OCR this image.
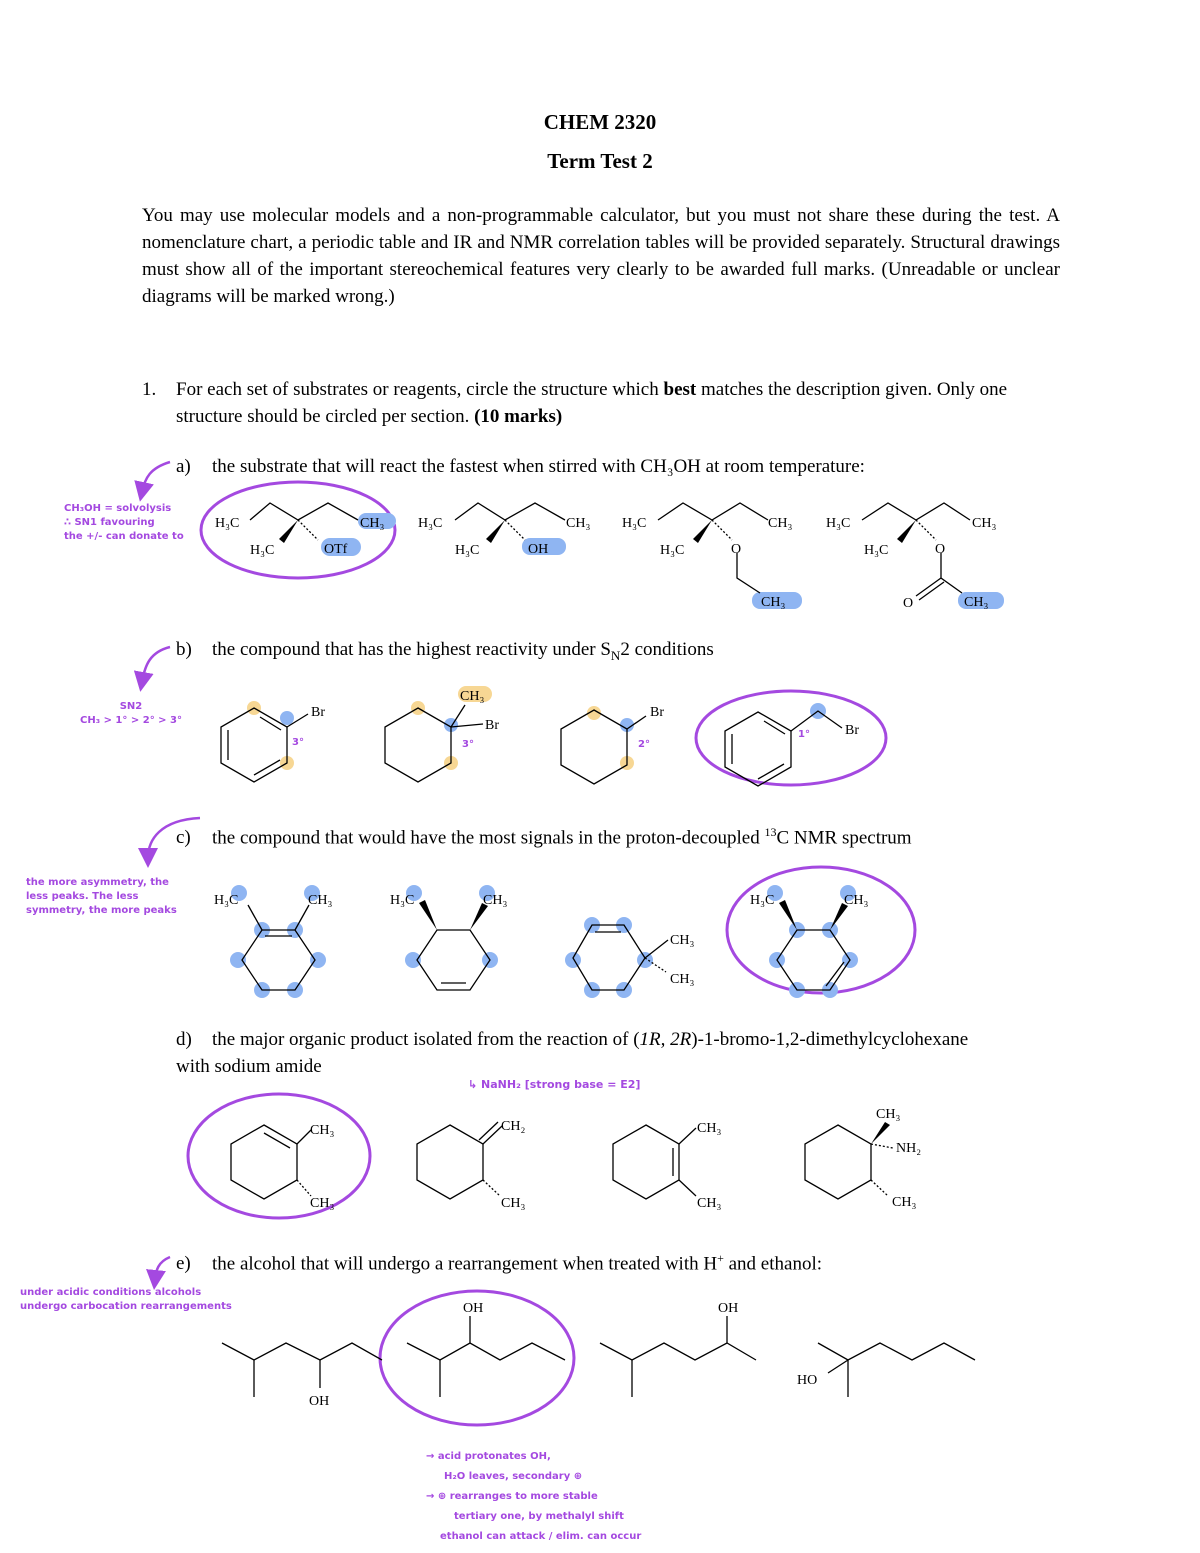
CHEM 2320
Term Test 2
You may use molecular models and a non-programmable calculator, but you must not share these during the test. A nomenclature chart, a periodic table and IR and NMR correlation tables will be provided separately. Structural drawings must show all of the important stereochemical features very clearly to be awarded full marks. (Unreadable or unclear diagrams will be marked wrong.)
1. For each set of substrates or reagents, circle the structure which best matches the description given. Only one structure should be circled per section. (10 marks)
a) the substrate that will react the fastest when stirred with CH₃OH at room temperature:
b) the compound that has the highest reactivity under $S_N2$ conditions
c) the compound that would have the most signals in the proton-decoupled $^{13}$C NMR spectrum
d) the major organic product isolated from the reaction of (1R, 2R)-1-bromo-1,2-dimethylcyclohexane with sodium amide
e) the alcohol that will undergo a rearrangement when treated with H+ and ethanol:
CH₃OH = solvolysis
∴ SN1 favouring
the +/- can donate to
SN2
CH₃ > 1° > 2° > 3°
the more asymmetry, the
less peaks. The less
symmetry, the more peaks
↳ NaNH₂ [strong base = E2]
under acidic conditions alcohols
undergo carbocation rearrangements
→ acid protonates OH,
H₂O leaves, secondary ⊕
→ ⊕ rearranges to more stable
tertiary one, by methalyl shift
ethanol can attack / elim. can occur
H₃C	CH₃
H₃C	OTf
H₃C	CH₃
H₃C	OH
H₃C	CH₃
H₃C	O
CH₃
H₃C	CH₃
H₃C	O
O	CH₃
Br
3°
CH₃
Br
3°
Br
2°
Br
1°
H₃C	CH₃	H₃C	CH₃
CH₃
CH₃
H₃C	CH₃
CH₃
CH₃
CH₂
CH₃
CH₃
CH₃
CH₃
NH₂
CH₃
OH
OH	OH
HO
